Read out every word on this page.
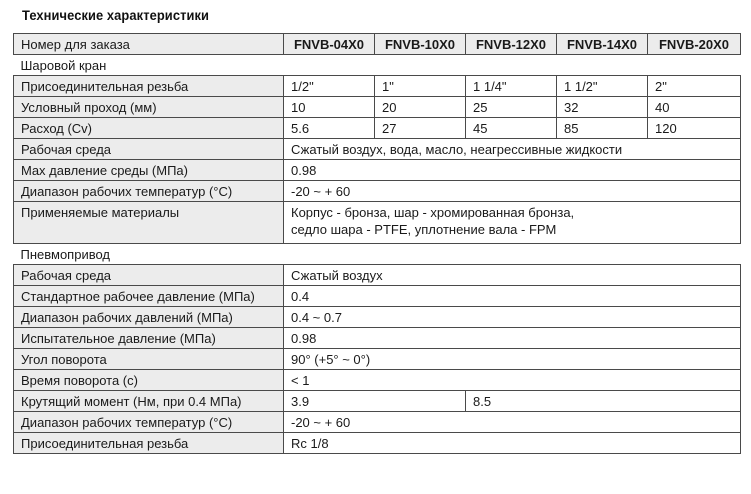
Технические характеристики
Номер для заказа	FNVB-04X0	FNVB-10X0	FNVB-12X0	FNVB-14X0	FNVB-20X0
Шаровой кран					
Присоединительная резьба	1/2"	1"	1 1/4"	1 1/2"	2"
Условный проход (мм)	10	20	25	32	40
Расход (Cv)	5.6	27	45	85	120
Рабочая среда	Сжатый воздух, вода, масло, неагрессивные жидкости				
Max давление среды (МПа)	0.98				
Диапазон рабочих температур (°С)	-20 ~ + 60				
Применяемые материалы	Корпус - бронза, шар - хромированная бронза,
седло шара - PTFE, уплотнение вала - FPM				

Пневмопривод					
Рабочая среда	Сжатый воздух				
Стандартное рабочее давление (МПа)	0.4				
Диапазон рабочих давлений (МПа)	0.4 ~ 0.7				
Испытательное давление (МПа)	0.98				
Угол поворота	90° (+5° ~ 0°)				
Время поворота (с)	< 1				
Крутящий момент (Нм, при 0.4 МПа)	3.9		8.5		
Диапазон рабочих температур (°С)	-20 ~ + 60				
Присоединительная резьба	Rc 1/8				
